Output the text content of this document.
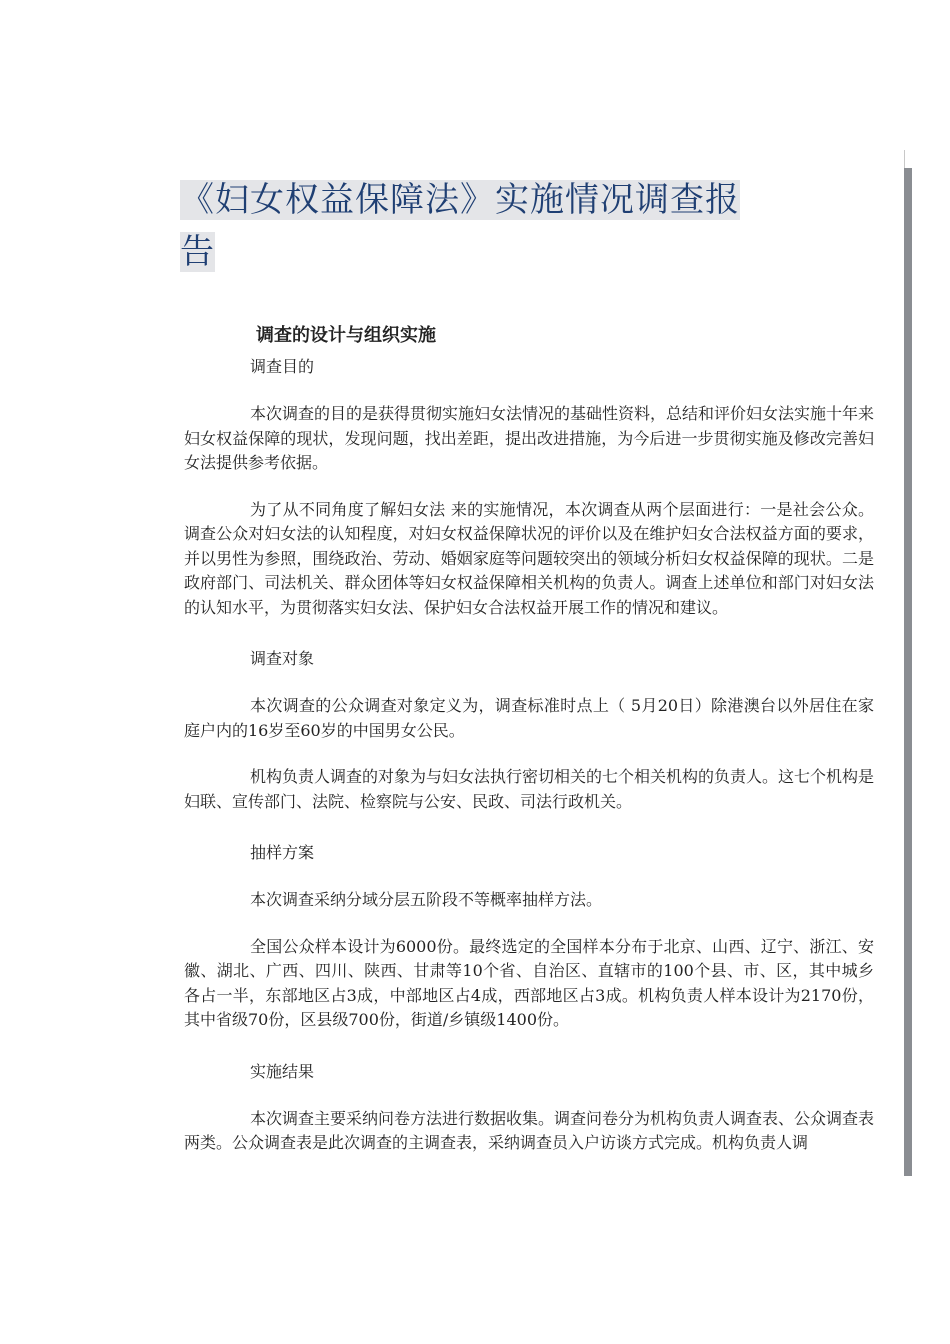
《妇女权益保障法》实施情况调查报
告
调查的设计与组织实施
调查目的

本次调查的目的是获得贯彻实施妇女法情况的基础性资料，总结和评价妇女法实施十年来妇女权益保障的现状，发现问题，找出差距，提出改进措施，为今后进一步贯彻实施及修改完善妇女法提供参考依据。

为了从不同角度了解妇女法 来的实施情况，本次调查从两个层面进行：一是社会公众。调查公众对妇女法的认知程度，对妇女权益保障状况的评价以及在维护妇女合法权益方面的要求，并以男性为参照，围绕政治、劳动、婚姻家庭等问题较突出的领域分析妇女权益保障的现状。二是政府部门、司法机关、群众团体等妇女权益保障相关机构的负责人。调查上述单位和部门对妇女法的认知水平，为贯彻落实妇女法、保护妇女合法权益开展工作的情况和建议。

调查对象

本次调查的公众调查对象定义为，调查标准时点上（ 5月20日）除港澳台以外居住在家庭户内的16岁至60岁的中国男女公民。

机构负责人调查的对象为与妇女法执行密切相关的七个相关机构的负责人。这七个机构是妇联、宣传部门、法院、检察院与公安、民政、司法行政机关。

抽样方案

本次调查采纳分域分层五阶段不等概率抽样方法。

全国公众样本设计为6000份。最终选定的全国样本分布于北京、山西、辽宁、浙江、安徽、湖北、广西、四川、陕西、甘肃等10个省、自治区、直辖市的100个县、市、区，其中城乡各占一半，东部地区占3成，中部地区占4成，西部地区占3成。机构负责人样本设计为2170份，其中省级70份，区县级700份，街道/乡镇级1400份。

实施结果

本次调查主要采纳问卷方法进行数据收集。调查问卷分为机构负责人调查表、公众调查表两类。公众调查表是此次调查的主调查表，采纳调查员入户访谈方式完成。机构负责人调
